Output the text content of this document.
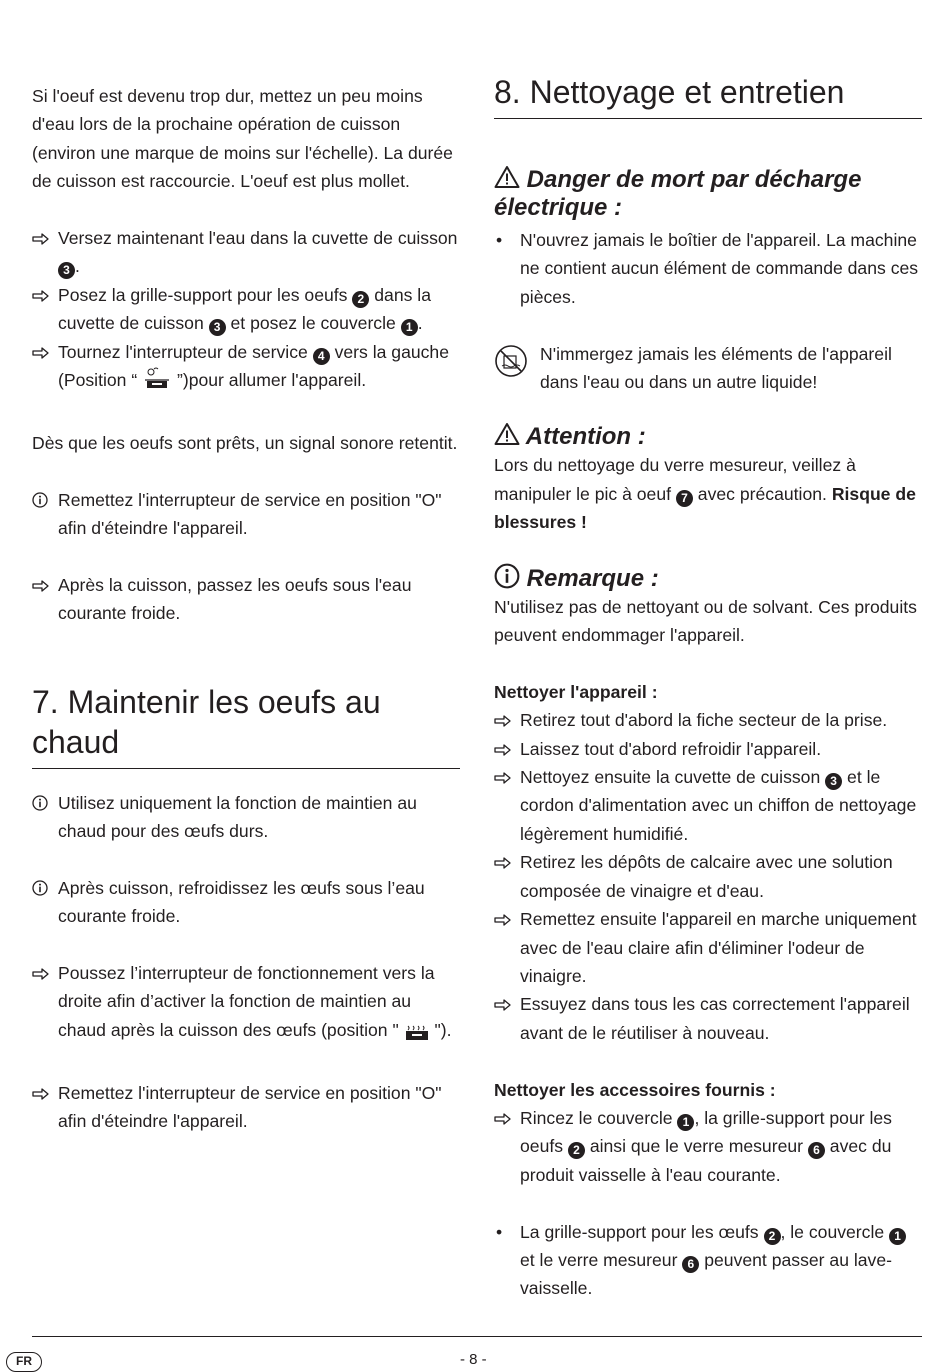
Si l'oeuf est devenu trop dur, mettez un peu moins d'eau lors de la prochaine opération de cuisson (environ une marque de moins sur l'échelle). La durée de cuisson est raccourcie. L'oeuf est plus mollet.

Versez maintenant l'eau dans la cuvette de cuisson 3 .
Posez la grille-support pour les oeufs 2 dans la cuvette de cuisson 3 et posez le couvercle 1 .
Tournez l'interrupteur de service 4 vers la gauche (Position “  ”)pour allumer l'appareil.

Dès que les oeufs sont prêts, un signal sonore retentit.

Remettez l'interrupteur de service en position "O" afin d'éteindre l'appareil.
Après la cuisson, passez les oeufs sous l'eau courante froide.
7. Maintenir les oeufs au chaud
Utilisez uniquement la fonction de maintien au chaud pour des œufs durs.
Après cuisson, refroidissez les œufs sous l’eau courante froide.
Poussez l’interrupteur de fonctionnement vers la droite afin d’activer la fonction de maintien au chaud après la cuisson des œufs (position "  ").
Remettez l'interrupteur de service en position "O" afin d'éteindre l'appareil.
8. Nettoyage et entretien
Danger de mort par décharge électrique :
• N'ouvrez jamais le boîtier de l'appareil. La machine ne contient aucun élément de commande dans ces pièces.
N'immergez jamais les éléments de l'appareil dans l'eau ou dans un autre liquide!
Attention :

Lors du nettoyage du verre mesureur, veillez à manipuler le pic à oeuf 7 avec précaution. Risque de blessures !

Remarque :

N'utilisez pas de nettoyant ou de solvant. Ces produits peuvent endommager l'appareil.

Nettoyer l'appareil :

Retirez tout d'abord la fiche secteur de la prise.
Laissez tout d'abord refroidir l'appareil.
Nettoyez ensuite la cuvette de cuisson 3 et le cordon d'alimentation avec un chiffon de nettoyage légèrement humidifié.
Retirez les dépôts de calcaire avec une solution composée de vinaigre et d'eau.
Remettez ensuite l'appareil en marche uniquement avec de l'eau claire afin d'éliminer l'odeur de vinaigre.
Essuyez dans tous les cas correctement l'appareil avant de le réutiliser à nouveau.

Nettoyer les accessoires fournis :

Rincez le couvercle 1 , la grille-support pour les oeufs 2 ainsi que le verre mesureur 6 avec du produit vaisselle à l'eau courante.
• La grille-support pour les œufs 2 , le couvercle 1 et le verre mesureur 6 peuvent passer au lave-vaisselle.
FR	- 8 -
